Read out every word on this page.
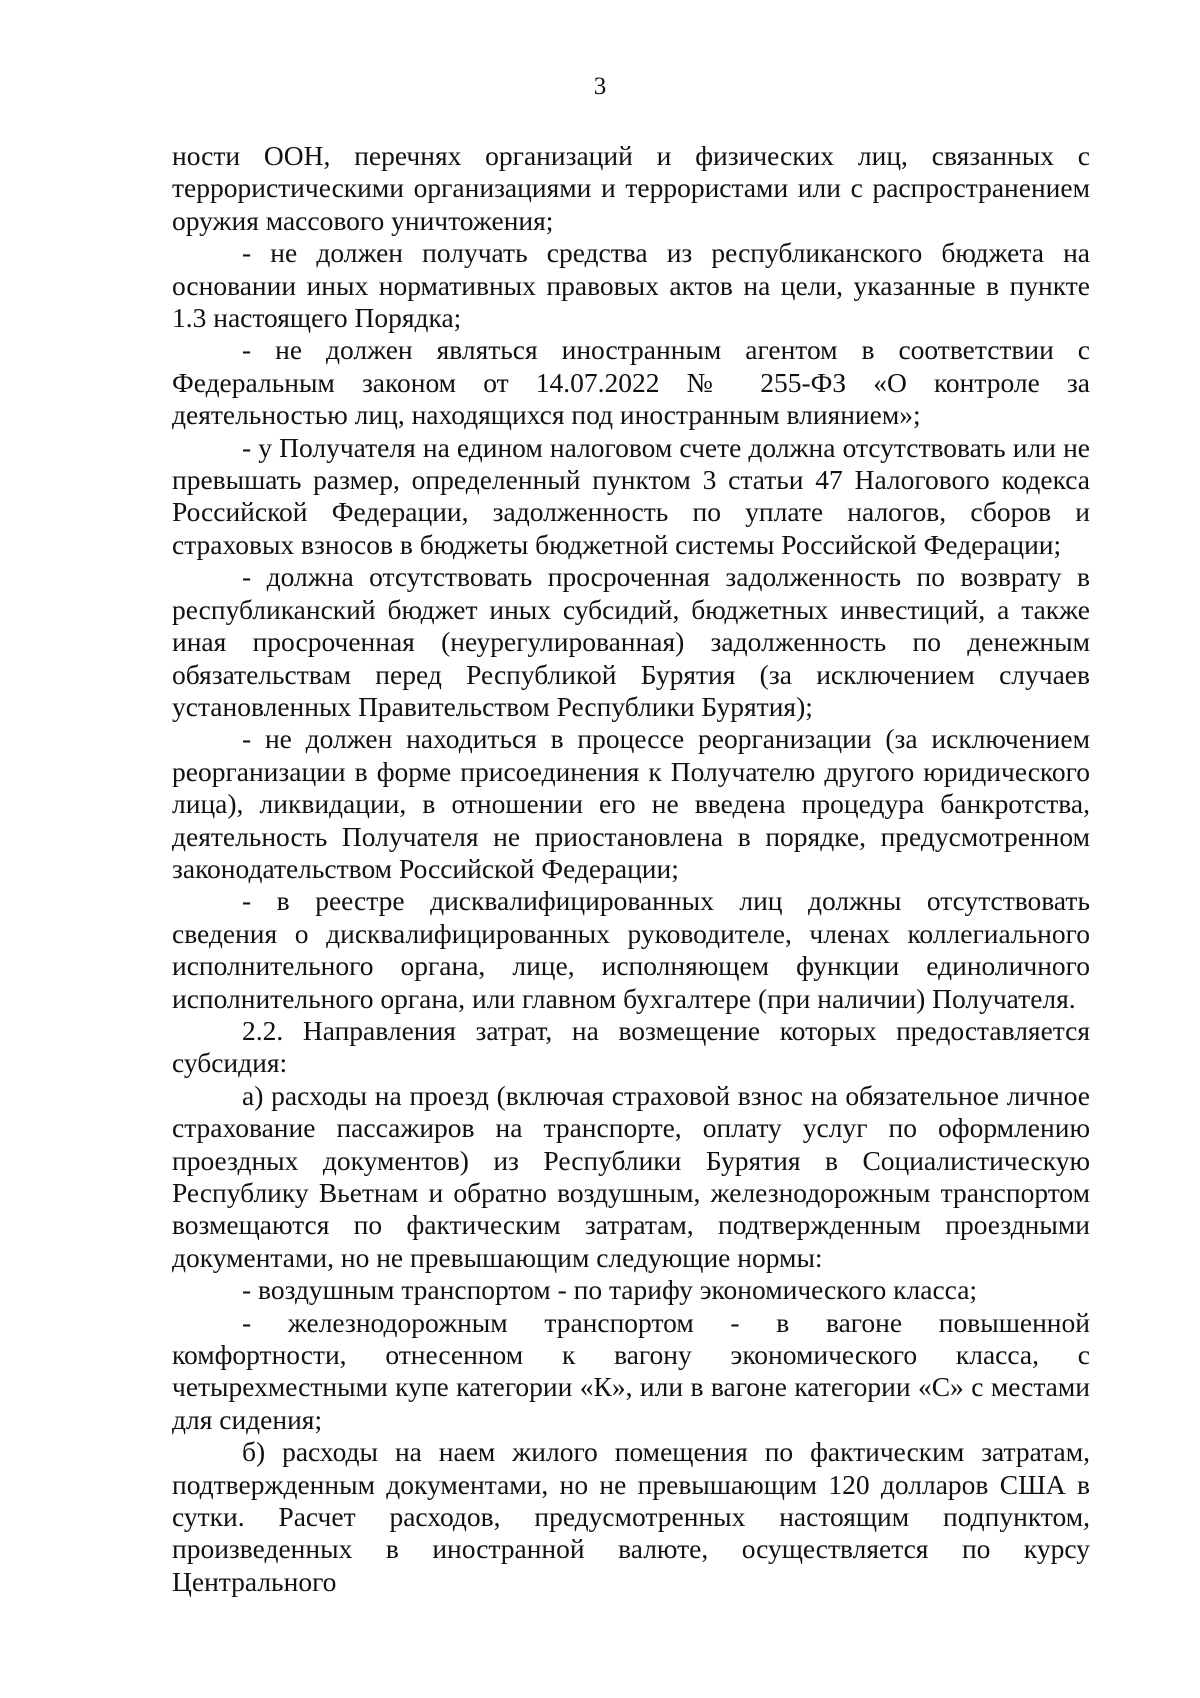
3

ности ООН, перечнях организаций и физических лиц, связанных с террористическими организациями и террористами или с распространением оружия массового уничтожения;

- не должен получать средства из республиканского бюджета на основании иных нормативных правовых актов на цели, указанные в пункте 1.3 настоящего Порядка;

- не должен являться иностранным агентом в соответствии с Федеральным законом от 14.07.2022 № 255-ФЗ «О контроле за деятельностью лиц, находящихся под иностранным влиянием»;

- у Получателя на едином налоговом счете должна отсутствовать или не превышать размер, определенный пунктом 3 статьи 47 Налогового кодекса Российской Федерации, задолженность по уплате налогов, сборов и страховых взносов в бюджеты бюджетной системы Российской Федерации;

- должна отсутствовать просроченная задолженность по возврату в республиканский бюджет иных субсидий, бюджетных инвестиций, а также иная просроченная (неурегулированная) задолженность по денежным обязательствам перед Республикой Бурятия (за исключением случаев установленных Правительством Республики Бурятия);

- не должен находиться в процессе реорганизации (за исключением реорганизации в форме присоединения к Получателю другого юридического лица), ликвидации, в отношении его не введена процедура банкротства, деятельность Получателя не приостановлена в порядке, предусмотренном законодательством Российской Федерации;

- в реестре дисквалифицированных лиц должны отсутствовать сведения о дисквалифицированных руководителе, членах коллегиального исполнительного органа, лице, исполняющем функции единоличного исполнительного органа, или главном бухгалтере (при наличии) Получателя.

2.2. Направления затрат, на возмещение которых предоставляется субсидия:

а) расходы на проезд (включая страховой взнос на обязательное личное страхование пассажиров на транспорте, оплату услуг по оформлению проездных документов) из Республики Бурятия в Социалистическую Республику Вьетнам и обратно воздушным, железнодорожным транспортом возмещаются по фактическим затратам, подтвержденным проездными документами, но не превышающим следующие нормы:

- воздушным транспортом - по тарифу экономического класса;

- железнодорожным транспортом - в вагоне повышенной комфортности, отнесенном к вагону экономического класса, с четырехместными купе категории «К», или в вагоне категории «С» с местами для сидения;

б) расходы на наем жилого помещения по фактическим затратам, подтвержденным документами, но не превышающим 120 долларов США в сутки. Расчет расходов, предусмотренных настоящим подпунктом, произведенных в иностранной валюте, осуществляется по курсу Центрального
